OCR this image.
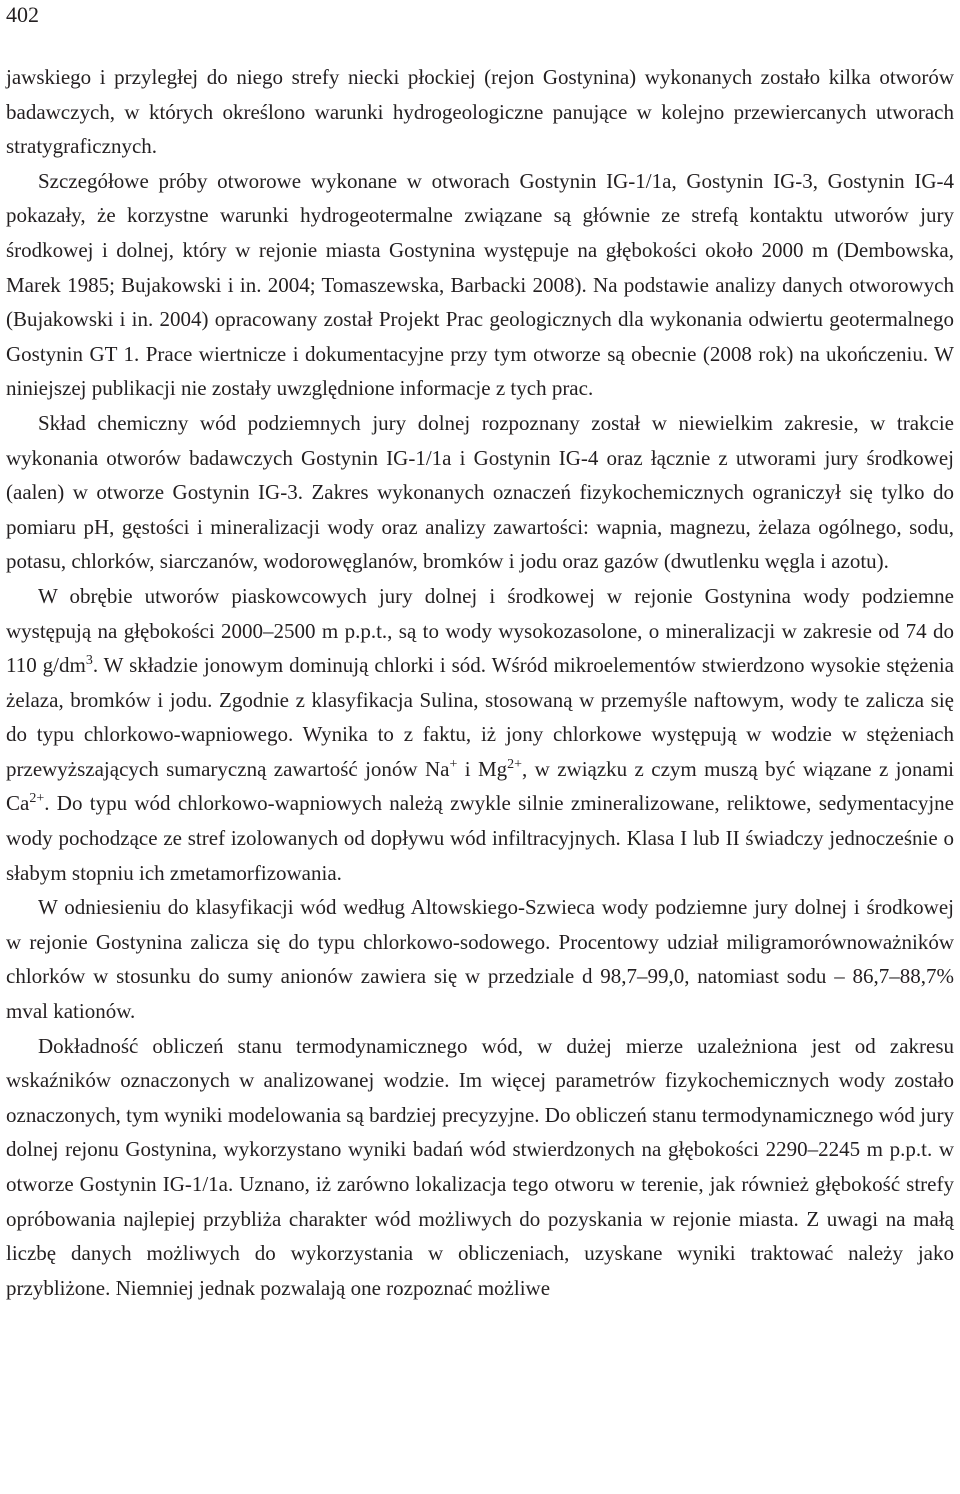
402

jawskiego i przyległej do niego strefy niecki płockiej (rejon Gostynina) wykonanych zostało kilka otworów badawczych, w których określono warunki hydrogeologiczne panujące w kolejno przewiercanych utworach stratygraficznych.

Szczegółowe próby otworowe wykonane w otworach Gostynin IG-1/1a, Gostynin IG-3, Gostynin IG-4 pokazały, że korzystne warunki hydrogeotermalne związane są głównie ze strefą kontaktu utworów jury środkowej i dolnej, który w rejonie miasta Gostynina występuje na głębokości około 2000 m (Dembowska, Marek 1985; Bujakowski i in. 2004; Tomaszewska, Barbacki 2008). Na podstawie analizy danych otworowych (Bujakowski i in. 2004) opracowany został Projekt Prac geologicznych dla wykonania odwiertu geotermalnego Gostynin GT 1. Prace wiertnicze i dokumentacyjne przy tym otworze są obecnie (2008 rok) na ukończeniu. W niniejszej publikacji nie zostały uwzględnione informacje z tych prac.

Skład chemiczny wód podziemnych jury dolnej rozpoznany został w niewielkim zakresie, w trakcie wykonania otworów badawczych Gostynin IG-1/1a i Gostynin IG-4 oraz łącznie z utworami jury środkowej (aalen) w otworze Gostynin IG-3. Zakres wykonanych oznaczeń fizykochemicznych ograniczył się tylko do pomiaru pH, gęstości i mineralizacji wody oraz analizy zawartości: wapnia, magnezu, żelaza ogólnego, sodu, potasu, chlorków, siarczanów, wodorowęglanów, bromków i jodu oraz gazów (dwutlenku węgla i azotu).

W obrębie utworów piaskowcowych jury dolnej i środkowej w rejonie Gostynina wody podziemne występują na głębokości 2000–2500 m p.p.t., są to wody wysokozasolone, o mineralizacji w zakresie od 74 do 110 $g/dm^3$. W składzie jonowym dominują chlorki i sód. Wśród mikroelementów stwierdzono wysokie stężenia żelaza, bromków i jodu. Zgodnie z klasyfikacja Sulina, stosowaną w przemyśle naftowym, wody te zalicza się do typu chlorkowo-wapniowego. Wynika to z faktu, iż jony chlorkowe występują w wodzie w stężeniach przewyższających sumaryczną zawartość jonów Na+ i $Mg^{2+}$, w związku z czym muszą być wiązane z jonami $Ca^{2+}$. Do typu wód chlorkowo-wapniowych należą zwykle silnie zmineralizowane, reliktowe, sedymentacyjne wody pochodzące ze stref izolowanych od dopływu wód infiltracyjnych. Klasa I lub II świadczy jednocześnie o słabym stopniu ich zmetamorfizowania.

W odniesieniu do klasyfikacji wód według Altowskiego-Szwieca wody podziemne jury dolnej i środkowej w rejonie Gostynina zalicza się do typu chlorkowo-sodowego. Procentowy udział miligramorównoważników chlorków w stosunku do sumy anionów zawiera się w przedziale d 98,7–99,0, natomiast sodu – 86,7–88,7% mval kationów.

Dokładność obliczeń stanu termodynamicznego wód, w dużej mierze uzależniona jest od zakresu wskaźników oznaczonych w analizowanej wodzie. Im więcej parametrów fizykochemicznych wody zostało oznaczonych, tym wyniki modelowania są bardziej precyzyjne. Do obliczeń stanu termodynamicznego wód jury dolnej rejonu Gostynina, wykorzystano wyniki badań wód stwierdzonych na głębokości 2290–2245 m p.p.t. w otworze Gostynin IG-1/1a. Uznano, iż zarówno lokalizacja tego otworu w terenie, jak również głębokość strefy opróbowania najlepiej przybliża charakter wód możliwych do pozyskania w rejonie miasta. Z uwagi na małą liczbę danych możliwych do wykorzystania w obliczeniach, uzyskane wyniki traktować należy jako przybliżone. Niemniej jednak pozwalają one rozpoznać możliwe
